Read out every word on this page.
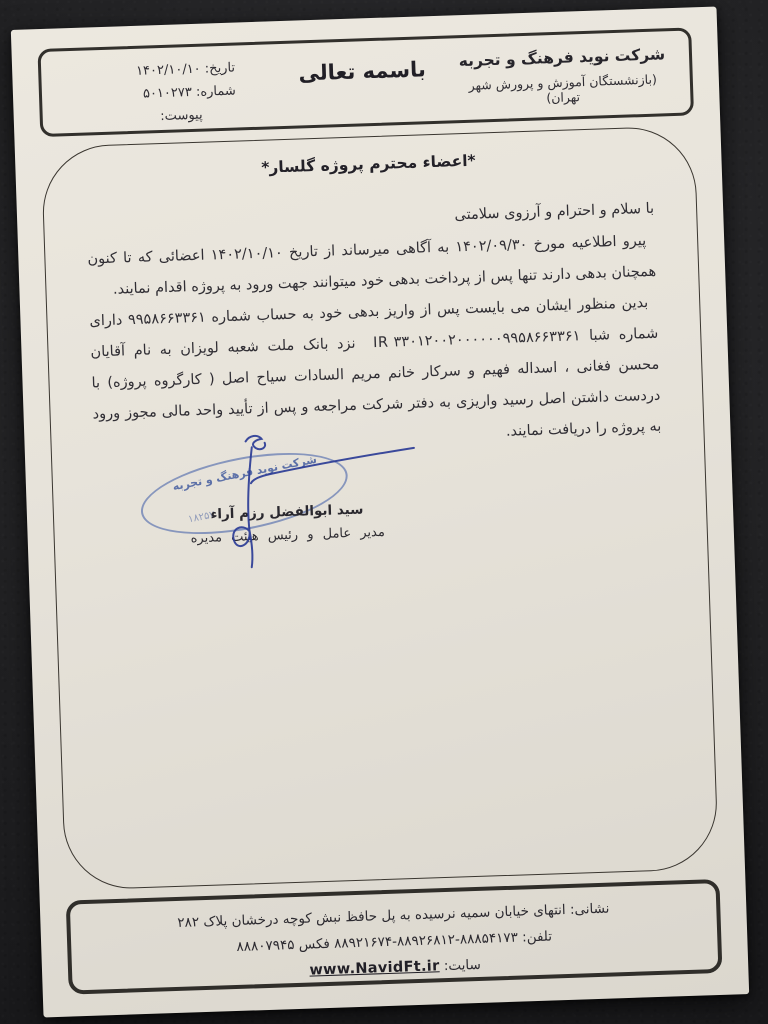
شرکت نوید فرهنگ و تجربه
(بازنشستگان آموزش و پرورش شهر تهران)
باسمه تعالی
تاریخ: ۱۴۰۲/۱۰/۱۰
شماره: ۵۰۱۰۲۷۳
پیوست:
*اعضاء محترم پروژه گلسار*

با سلام و احترام و آرزوی سلامتی

پیرو اطلاعیه مورخ ۱۴۰۲/۰۹/۳۰ به آگاهی میرساند از تاریخ ۱۴۰۲/۱۰/۱۰ اعضائی که تا کنون همچنان بدهی دارند تنها پس از پرداخت بدهی خود میتوانند جهت ورود به پروژه اقدام نمایند.

بدین منظور ایشان می بایست پس از واریز بدهی خود به حساب شماره ۹۹۵۸۶۶۳۳۶۱ دارای شماره شبا IR ۳۳۰۱۲۰۰۲۰۰۰۰۰۰۹۹۵۸۶۶۳۳۶۱ نزد بانک ملت شعبه لویزان به نام آقایان محسن فغانی ، اسداله فهیم و سرکار خانم مریم السادات سیاح اصل ( کارگروه پروژه) با دردست داشتن اصل رسید واریزی به دفتر شرکت مراجعه و پس از تأیید واحد مالی مجوز ورود به پروژه را دریافت نمایند.

شرکت نوید فرهنگ و تجربه
۱۸۲۵۷
سید ابوالفضل رزم آراء
مدیر عامل و رئیس هیئت مدیره
نشانی: انتهای خیابان سمیه نرسیده به پل حافظ نبش کوچه درخشان پلاک ۲۸۲
تلفن: ۸۸۸۵۴۱۷۳-۸۸۹۲۶۸۱۲-۸۸۹۲۱۶۷۴ فکس ۸۸۸۰۷۹۴۵
سایت: www.NavidFt.ir
